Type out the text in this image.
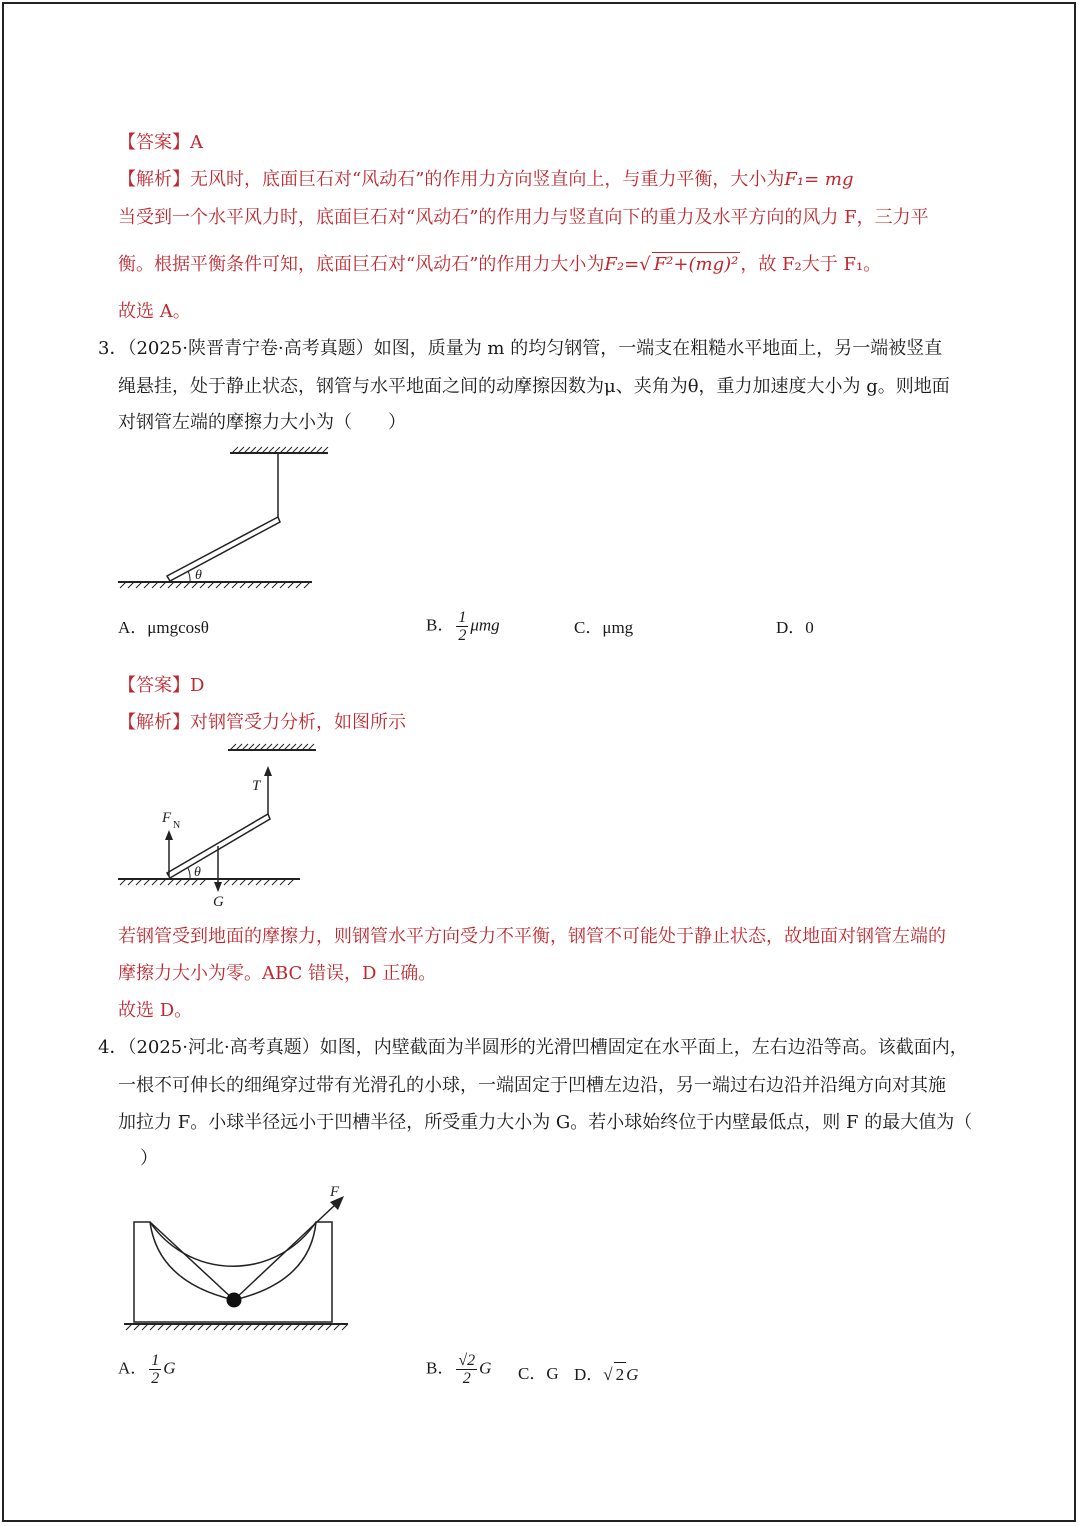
【答案】A
【解析】无风时，底面巨石对“风动石”的作用力方向竖直向上，与重力平衡，大小为F₁= mg
当受到一个水平风力时，底面巨石对“风动石”的作用力与竖直向下的重力及水平方向的风力 F，三力平
衡。根据平衡条件可知，底面巨石对“风动石”的作用力大小为F₂=√ F²+(mg)² ，故 F₂大于 F₁。
故选 A。
3．（2025·陕晋青宁卷·高考真题）如图，质量为 m 的均匀钢管，一端支在粗糙水平地面上，另一端被竖直
绳悬挂，处于静止状态，钢管与水平地面之间的动摩擦因数为μ、夹角为θ，重力加速度大小为 g。则地面
对钢管左端的摩擦力大小为（　　）
θ
A．μmgcosθ	B． $\frac{1}{2}$ μmg	C．μmg	D．0
【答案】D
【解析】对钢管受力分析，如图所示
T
F N
G
θ
若钢管受到地面的摩擦力，则钢管水平方向受力不平衡，钢管不可能处于静止状态，故地面对钢管左端的
摩擦力大小为零。ABC 错误，D 正确。
故选 D。
4．（2025·河北·高考真题）如图，内壁截面为半圆形的光滑凹槽固定在水平面上，左右边沿等高。该截面内，
一根不可伸长的细绳穿过带有光滑孔的小球，一端固定于凹槽左边沿，另一端过右边沿并沿绳方向对其施
加拉力 F。小球半径远小于凹槽半径，所受重力大小为 G。若小球始终位于内壁最低点，则 F 的最大值为（
）
F
A． $\frac{1}{2}$ G	B． $\frac{√2}{2}$ G C．G D．√ 2 G
